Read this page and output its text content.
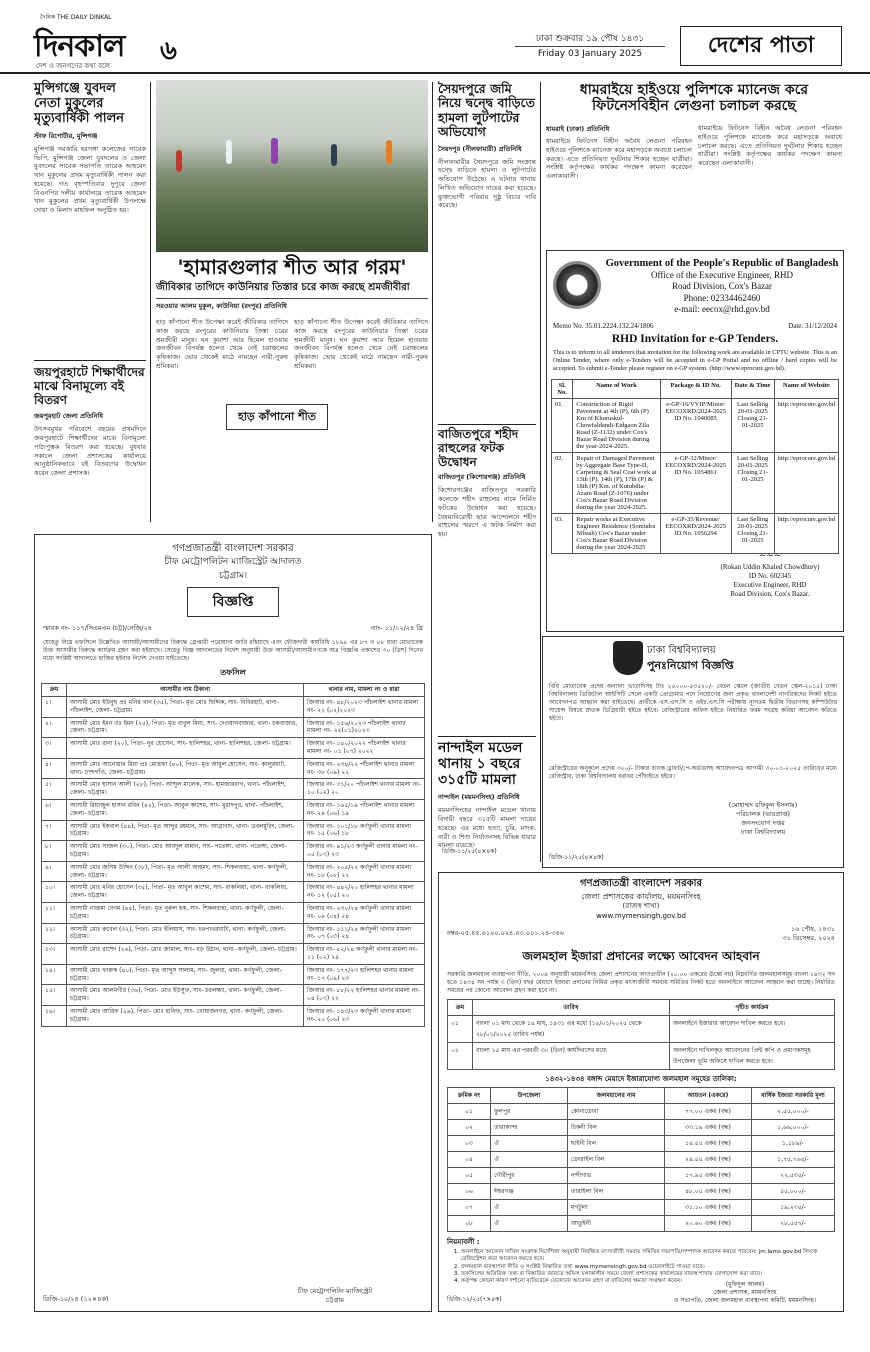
দৈনিক THE DAILY DINKAL
দিনকাল
দেশ ও জনগণের কথা বলে ৬	ঢাকা শুক্রবার ১৯ পৌষ ১৪৩১
Friday 03 January 2025	দেশের পাতা
মুন্সিগঞ্জে যুবদল নেতা মুকুলের মৃত্যুবার্ষিকী পালন
স্টাফ রিপোর্টার, মুন্সিগঞ্জ
মুন্সিগঞ্জ সরকারি হরগঙ্গা কলেজের সাবেক ভিপি, মুন্সিগঞ্জ জেলা যুবদলের ও জেলা যুবদলের সাবেক সভাপতি তারেক আহমেদ খান মুকুলের প্রথম মৃত্যুবার্ষিকী পালন করা হয়েছে। গত বৃহস্পতিবার দুপুরে জেলা বিএনপির দলীয় কার্যালয়ে তারেক আহমেদ খান মুকুলের প্রথম মৃত্যুবার্ষিকী উপলক্ষে দোয়া ও মিলাদ মাহফিল অনুষ্ঠিত হয়।
জয়পুরহাটে শিক্ষার্থীদের মাঝে বিনামূল্যে বই বিতরণ
জয়পুরহাট জেলা প্রতিনিধি
উৎসবমুখর পরিবেশে বছরের প্রথমদিনে জয়পুরহাটে শিক্ষার্থীদের মাঝে বিনামূল্যে পাঠ্যপুস্তক বিতরণ করা হয়েছে। বুধবার সকালে জেলা প্রশাসকের কার্যালয়ে আনুষ্ঠানিকভাবে বই বিতরণের উদ্বোধন করেন জেলা প্রশাসক।
'হামারগুলার শীত আর গরম'
জীবিকার তাগিদে কাউনিয়ার তিস্তার চরে কাজ করছে শ্রমজীবীরা
সরওয়ার আলম মুকুল, কাউনিয়া (রংপুর) প্রতিনিধি
হাড় কাঁপানো শীত উপেক্ষা করেই জীবিকার তাগিদে কাজ করছে রংপুরের কাউনিয়ার তিস্তা চরের শ্রমজীবী মানুষ। ঘন কুয়াশা আর হিমেল হাওয়ায় জনজীবন বিপর্যস্ত হলেও থেমে নেই চরাঞ্চলের কৃষিকাজ। ভোর থেকেই মাঠে নামছেন নারী-পুরুষ শ্রমিকরা।
হাড় কাঁপানো শীত উপেক্ষা করেই জীবিকার তাগিদে কাজ করছে রংপুরের কাউনিয়ার তিস্তা চরের শ্রমজীবী মানুষ। ঘন কুয়াশা আর হিমেল হাওয়ায় জনজীবন বিপর্যস্ত হলেও থেমে নেই চরাঞ্চলের কৃষিকাজ। ভোর থেকেই মাঠে নামছেন নারী-পুরুষ শ্রমিকরা।
হাড় কাঁপানো শীত
সৈয়দপুরে জমি নিয়ে দ্বন্দ্বে বাড়িতে হামলা লুটপাটের অভিযোগ
সৈয়দপুর (নীলফামারী) প্রতিনিধি
নীলফামারীর সৈয়দপুরে জমি সংক্রান্ত দ্বন্দ্বে বাড়িতে হামলা ও লুটপাটের অভিযোগ উঠেছে। এ ঘটনায় থানায় লিখিত অভিযোগ দায়ের করা হয়েছে। ভুক্তভোগী পরিবার সুষ্ঠু বিচার দাবি করেছে।
বাজিতপুরে শহীদ রাহুলের ফটক উদ্বোধন
বাজিতপুর (কিশোরগঞ্জ) প্রতিনিধি
কিশোরগঞ্জের বাজিতপুর সরকারি কলেজে শহীদ রাহুলের নামে নির্মিত ফটকের উদ্বোধন করা হয়েছে। বৈষম্যবিরোধী ছাত্র আন্দোলনে শহীদ রাহুলের স্মরণে এ ফটক নির্মাণ করা হয়।
নান্দাইল মডেল থানায় ১ বছরে ৩১৫টি মামলা
নান্দাইল (ময়মনসিংহ) প্রতিনিধি
ময়মনসিংহের নান্দাইল মডেল থানায় বিদায়ী বছরে ৩১৫টি মামলা দায়ের হয়েছে। এর মধ্যে হত্যা, চুরি, মাদক, নারী ও শিশু নির্যাতনসহ বিভিন্ন ধারার মামলা রয়েছে।
ডিজি-১১/২৫(৪×৪ক)
ধামরাইয়ে হাইওয়ে পুলিশকে ম্যানেজ করে ফিটনেসবিহীন লেগুনা চলাচল করছে
ধামরাই (ঢাকা) প্রতিনিধি
ধামরাইয়ে ফিটনেস বিহীন অবৈধ লেগুনা পরিবহন হাইওয়ে পুলিশকে ম্যানেজ করে মহাসড়কে অবাধে চলাচল করছে। এতে প্রতিনিয়ত দুর্ঘটনার শিকার হচ্ছেন যাত্রীরা। সংশ্লিষ্ট কর্তৃপক্ষের কার্যকর পদক্ষেপ কামনা করেছেন এলাকাবাসী।
ধামরাইয়ে ফিটনেস বিহীন অবৈধ লেগুনা পরিবহন হাইওয়ে পুলিশকে ম্যানেজ করে মহাসড়কে অবাধে চলাচল করছে। এতে প্রতিনিয়ত দুর্ঘটনার শিকার হচ্ছেন যাত্রীরা। সংশ্লিষ্ট কর্তৃপক্ষের কার্যকর পদক্ষেপ কামনা করেছেন এলাকাবাসী।
Government of the People's Republic of Bangladesh
Office of the Executive Engineer, RHD
Road Division, Cox's Bazar
Phone: 02334462460
e-mail: eecox@rhd.gov.bd
Memo No. 35.01.2224.132.24/1806	Date: 31/12/2024
RHD Invitation for e-GP Tenders.
This is to inform to all tenderers that invitation for the following work are available in CPTU website. This is an Online Tender, where only e-Tenders will be accepted in e-GP Portal and no offline / hard copies will be accepted. To submit e-Tender please register on e-GP system. (http://www.eprocure.gov.bd).
Sl. No.	Name of Work	Package & ID No.	Date & Time	Name of Website
01.	Construction of Rigid Pavement at 4th (P), 6th (P) Km of Khuruskul-Chowfaldandi-Eidgaon Zila Road (Z-1132) under Cox's Bazar Road Division during the year-2024-2025.	e-GP-16/VVIP/Minor/ EECOXRD/2024-2025 ID No. 1040085	Last Selling 20-01-2025 Closing 21-01-2025	http://eprocure.gov.bd
02.	Repair of Damaged Pavement by Aggregate Base Type-II, Carpeting & Seal Coat work at 13th (P), 14th (P), 17th (P) & 18th (P) Km. of Kutubdia-Azam Road (Z-1076) under Cox's Bazar Road Division during the year 2024-2025.	e-GP-32/Minor/ EECOXRD/2024-2025 ID No. 1054861	Last Selling 20-01-2025 Closing 21-01-2025	http://eprocure.gov.bd
03.	Repair works at Executive Engineer Residence (Somudra Nibash) Cox's Bazar under Cox's Bazar Road Division during the year 2024-2025	e-GP-35/Revenue/ EECOXRD/2024-2025 ID No. 1056294	Last Selling 20-01-2025 Closing 21-01-2025	http://eprocure.gov.bd
~~~
(Rokan Uddin Khaled Chowdhury)
ID No. 602345
Executive Engineer, RHD
Road Division, Cox's Bazar.
গণপ্রজাতন্ত্রী বাংলাদেশ সরকার
চীফ মেট্রোপলিটন ম্যাজিস্ট্রেট আদালত
চট্টগ্রাম।
বিজ্ঞপ্তি
স্মারক নং- ১১৭/সিএমএম (চট্ট)/নেজি/২৪	তাং- ১১/১২/২৪ খ্রি
যেহেতু নিম্নে তফসিলে উল্লেখিত আসামী/আসামীদের বিরুদ্ধে গ্রেপ্তারী পরোয়ানা জারি রহিয়াছে এবং ফৌজদারী কার্যবিধি ১৮৯৮ এর ৮৭ ও ৮৮ ধারা মোতাবেক উক্ত আসামীর বিরুদ্ধে কার্যক্রম গ্রহণ করা হইয়াছে। সেহেতু বিজ্ঞ আদালতের নির্দেশ অনুযায়ী উক্ত আসামী/আসামীগণকে অত্র বিজ্ঞপ্তি প্রকাশের ৩০ (ত্রিশ) দিনের মধ্যে সংশ্লিষ্ট আদালতে হাজির হইবার নির্দেশ দেওয়া যাইতেছে।
তফসিল
ক্রম	আসামীর নাম ঠিকানা	থানার নাম, মামলা নং ও ধারা
১।	আসামী মোঃ ইউনুছ প্রঃ মনির খান (৩৫), পিতা- মৃত মোঃ ছিদ্দিক, সাং- বিবিরহাট, থানা- পাঁচলাইশ, জেলা- চট্টগ্রাম।	জিআর নং- ৪৮/২০২৩ পাঁচলাইশ থানার মামলা নং- ২২ (০২)২০২৩
২।	আসামী মোঃ ইমন ওঃ ইমন (২৫), পিতা- মৃত বাবুল মিয়া, সাং- দেওয়ানবাজার, থানা- চকবাজার, জেলা- চট্টগ্রাম।	জিআর নং- ১৫৬/২০২৩ পাঁচলাইশ থানার মামলা নং- ২৫(০১)২০২৩
৩।	আসামী মোঃ রানা (২০), পিতা- নুর হোসেন, সাং- হালিশহর, থানা- হালিশহর, জেলা- চট্টগ্রাম।	জিআর নং- ১৪০/২০২২ পাঁচলাইশ থানার মামলা নং- ০১ (০৭) ২০২২
৪।	আসামী মোঃ আনোয়ার মিয়া প্রঃ মোস্তফা (৪০), পিতা- মৃত আবুল হোসেন, সাং- কালুরঘাট, থানা- চান্দগাঁও, জেলা- চট্টগ্রাম।	জিআর নং- ২৩৪/২২ পাঁচলাইশ থানার মামলা নং- ৩৮ (০৯) ২২
৫।	আসামী মোঃ হাসান আলী (২৮), পিতা- আব্দুল মালেক, সাং- হামজারবাগ, থানা- পাঁচলাইশ, জেলা- চট্টগ্রাম।	জিআর নং- ৩১/২০ পাঁচলাইশ থানার মামলা নং- ১০ (০২) ২০
৬।	আসামী রিয়াজুল হাসান রবিন (৪২), পিতা- আবুল কাশেম, সাং- মুরাদপুর, থানা- পাঁচলাইশ, জেলা- চট্টগ্রাম।	জিআর নং- ১৬৫/১৯ পাঁচলাইশ থানার মামলা নং- ২৪ (০৬) ১৯
৭।	আসামী মোঃ ইকবাল (৪৪), পিতা- মৃত আব্দুর রহমান, সাং- আগ্রাবাদ, থানা- ডবলমুরিং, জেলা- চট্টগ্রাম।	জিআর নং- ১০১/১৮ কর্ণফুলী থানার মামলা নং- ১৫ (০৬) ১৮
৮।	আসামী মোঃ সাজল (৩০), পিতা- মোঃ আবদুল মান্নান, সাং- পতেঙ্গা, থানা- পতেঙ্গা, জেলা- চট্টগ্রাম।	জিআর নং- ৯১/২৩ কর্ণফুলী থানার মামলা নং- ০৫ (০৩) ২৩
৯।	আসামী মোঃ জসিম উদ্দিন (৩৮), পিতা- মৃত আলী আহমদ, সাং- শিকলবাহা, থানা- কর্ণফুলী, জেলা- চট্টগ্রাম।	জিআর নং- ২০৫/২২ কর্ণফুলী থানার মামলা নং- ১৮ (০৮) ২২
১০।	আসামী মোঃ মনির হোসেন (৩৫), পিতা- মৃত আবুল কাশেম, সাং- বাকলিয়া, থানা- বাকলিয়া, জেলা- চট্টগ্রাম।	জিআর নং- ৪৪২/২০ হালিশহর থানার মামলা নং- ১২ (০৫) ২০
১১।	আসামী নাজমা বেগম (৪৫), পিতা- মৃত নুরুল হক, সাং- শিকলবাহা, থানা- কর্ণফুলী, জেলা- চট্টগ্রাম।	জিআর নং- ২৩০/২৪ কর্ণফুলী থানার মামলা নং- ০৯ (০৪) ২৪
১২।	আসামী মোঃ রুবেল (৩২), পিতা- মোঃ ইলিয়াস, সাং- চরপাথরঘাটা, থানা- কর্ণফুলী, জেলা- চট্টগ্রাম।	জিআর নং- ১১১/২৪ কর্ণফুলী থানার মামলা নং- ০৭ (০৩) ২৪
১৩।	আসামী মোঃ রাশেদ (২৬), পিতা- মোঃ জামাল, সাং- বড় উঠান, থানা- কর্ণফুলী, জেলা- চট্টগ্রাম।	জিআর নং- ৫২/২৪ কর্ণফুলী থানার মামলা নং- ১১ (০২) ২৪
১৪।	আসামী মোঃ ফারুক (৪০), পিতা- মৃত আব্দুস সালাম, সাং- জুলধা, থানা- কর্ণফুলী, জেলা- চট্টগ্রাম।	জিআর নং- ১৭৭/২৩ হালিশহর থানার মামলা নং- ১৭ (০৯) ২৩
১৫।	আসামী মোঃ আলমগীর (৩৬), পিতা- মোঃ ইউসুফ, সাং- চরলক্ষ্যা, থানা- কর্ণফুলী, জেলা- চট্টগ্রাম।	জিআর নং- ৮৮/২২ হালিশহর থানার মামলা নং- ০৪ (০৩) ২২
১৬।	আসামী মোঃ আরিফ (২৯), পিতা- মোঃ হানিফ, সাং- খোয়াজনগর, থানা- কর্ণফুলী, জেলা- চট্টগ্রাম।	জিআর নং- ১৪৩/২৩ কর্ণফুলী থানার মামলা নং- ২০ (০৬) ২৩
ডিজি-১০/২৫ (১২×৪ক)
চীফ মেট্রোপলিটন ম্যাজিস্ট্রেট
চট্টগ্রাম
ঢাকা বিশ্ববিদ্যালয়
পুনঃনিয়োগ বিজ্ঞপ্তি
বিধি মোতাবেক প্রদেয় অন্যান্য ভাতাদিসহ টাঃ ২৫০০০-৫৩৫২০/- বেতন স্কেলে (জাতীয় বেতন স্কেল-২০১৫) ঢাকা বিশ্ববিদ্যালয় ডিজিটাল আইসিটি সেলে একটি প্রোগ্রামার পদে নিয়োগের জন্য প্রকৃত বাংলাদেশী নাগরিকদের নিকট হইতে আবেদনপত্র আহ্বান করা যাইতেছে। প্রার্থীকে এস.এস.সি ও এইচ.এস.সি পরীক্ষায় ন্যূনতম দ্বিতীয় বিভাগসহ কম্পিউটার সায়েন্স বিষয়ে স্নাতক ডিগ্রিধারী হইতে হইবে। রেজিস্ট্রারের অফিস হইতে নির্ধারিত ফরম সংগ্রহ করিয়া আবেদন করিতে হইবে।
রেজিস্ট্রারের অনুকূলে প্রদেয় ৩০০/- টাকার ব্যাংক ড্রাফট/পে-অর্ডারসহ আবেদনপত্র আগামী ৩০-০১-২০২৫ তারিখের মধ্যে রেজিস্ট্রার, ঢাকা বিশ্ববিদ্যালয় বরাবর পৌঁছাইতে হইবে।
(মোহাম্মদ রফিকুল ইসলাম)
পরিচালক (ভারপ্রাপ্ত)
জনসংযোগ দপ্তর
ঢাকা বিশ্ববিদ্যালয়
ডিজি-১১/২৫(৪×৪ক)
গণপ্রজাতন্ত্রী বাংলাদেশ সরকার
জেলা প্রশাসকের কার্যালয়, ময়মনসিংহ
(রাজস্ব শাখা)
www.mymensingh.gov.bd
নম্বর-০৫.৪৫.৬১০০.০২৪.৪৩.০০১.২৪-৩৪৬	১৬ পৌষ, ১৪৩১
৩১ ডিসেম্বর, ২০২৪
জলমহাল ইজারা প্রদানের লক্ষ্যে আবেদন আহবান
সরকারি জলমহাল ব্যবস্থাপনা নীতি, ২০০৯ অনুযায়ী ময়মনসিংহ জেলা প্রশাসনের আওতাধীন (২০.০০ একরের ঊর্ধ্বে নয়) নিম্নবর্ণিত জলমহালসমূহ বাংলা ১৪৩২ সন হতে ১৪৩৪ সন পর্যন্ত ৩ (তিন) বছর মেয়াদে ইজারা প্রদানের নিমিত্ত প্রকৃত মৎস্যজীবী সমবায় সমিতির নিকট হতে অনলাইনে আবেদন আহ্বান করা যাচ্ছে। নির্ধারিত সময়ের পর কোনো আবেদন গ্রহণ করা হবে না।
ক্রম	তারিখ	গৃহীত কার্যক্রম
০১	বাংলা ০১ মাঘ থেকে ১৪ মাঘ, ১৪৩১ এর মধ্যে (১৫/০১/২০২৫ থেকে ২৮/০১/২০২৫ তারিখ পর্যন্ত)	অনলাইনে ইজারার আবেদন দাখিল করতে হবে।
০২	বাংলা ১৫ মাঘ এর পরবর্তী ৩০ (তিন) কার্যদিবসের মধ্যে	অনলাইনে দাখিলকৃত আবেদনের প্রিন্ট কপি ও প্রমাণকসমূহ উপজেলা ভূমি অফিসে দাখিল করতে হবে।
১৪৩২-১৪৩৪ বঙ্গাব্দ মেয়াদে ইজারাযোগ্য জলমহাল সমূহের তালিকা:
ক্রমিক নং	উপজেলা	জলমহালের নাম	আয়তন (একরে)	বার্ষিক ইজারা সরকারি মূল্য
০১	ফুলপুর	কোনাডোবা	৭৭.০০ একর (বদ্ধ)	২,৫৫,০০০/-
০২	তারাকান্দা	চিকনী বিল	৩৩.১৯ একর (বদ্ধ)	১,৬৬,০০০/-
০৩	ঐ	ছাইনী বিল	১৪.৫৫ একর (বদ্ধ)	১,১৮৯/-
০৪	ঐ	ডেংরাইল বিল	২৪.৫৪ একর (বদ্ধ)	১,৭৫,৭৬৫/-
০৫	গৌরীপুর	নন্দীগাঙ	১৭.৯৫ একর (বদ্ধ)	২২,৫৩৫/-
০৬	ঈশ্বরগঞ্জ	তারাইলা বিল	৪৮.০৫ একর (বদ্ধ)	৫৫,০০০/-
০৭	ঐ	মগটুলা	৩১.১০ একর (বদ্ধ)	১৯,২৩৫/-
০৮	ঐ	আতুইনী	২০.৬০ একর (বদ্ধ)	২৮,৫৫৭/-
নিয়মাবলী :
1. অনলাইনে আবেদন দাখিল সংক্রান্ত নির্দেশিকা অনুযায়ী নিবন্ধিত মৎস্যজীবী সমবায় সমিতির সভাপতি/সম্পাদক আবেদন করতে পারবেন; jm.lams.gov.bd লিংকে রেজিস্ট্রেশন করে আবেদন করতে হবে।
2. জলমহাল ব্যবস্থাপনা নীতি ও সংশ্লিষ্ট বিস্তারিত তথ্য www.mymensingh.gov.bd ওয়েবসাইটে পাওয়া যাবে।
3. তফসিলের অতিরিক্ত তথ্য বা বিস্তারিত জানতে অফিস চলাকালীন সময়ে জেলা প্রশাসকের কার্যালয়ের রাজস্ব শাখায় যোগাযোগ করা যাবে।
4. কর্তৃপক্ষ কোনো কারণ দর্শানো ব্যতিরেকে যেকোনো আবেদন গ্রহণ বা বাতিলের ক্ষমতা সংরক্ষণ করেন।	(মুফিদুল আলম)
জেলা প্রশাসক, ময়মনসিংহ
ও সভাপতি, জেলা জলমহাল ব্যবস্থাপনা কমিটি, ময়মনসিংহ।
ডিজি-১২/২৫(৭×৪ক)
